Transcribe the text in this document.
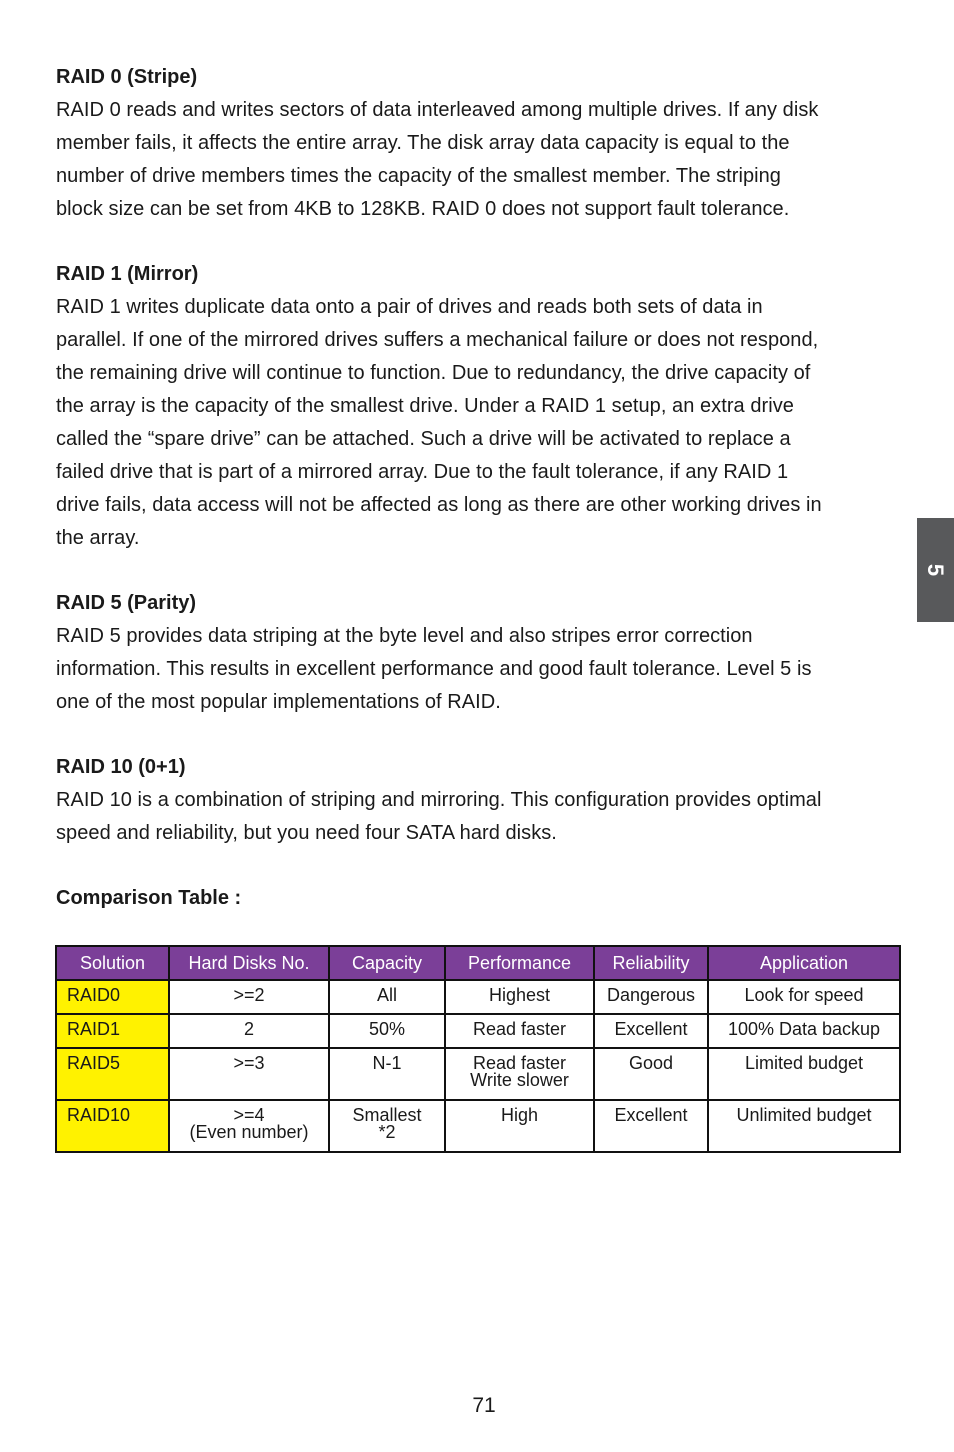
RAID 0 (Stripe)

RAID 0 reads and writes sectors of data interleaved among multiple drives. If any disk
member fails, it affects the entire array. The disk array data capacity is equal to the
number of drive members times the capacity of the smallest member. The striping
block size can be set from 4KB to 128KB. RAID 0 does not support fault tolerance.

RAID 1 (Mirror)

RAID 1 writes duplicate data onto a pair of drives and reads both sets of data in
parallel. If one of the mirrored drives suffers a mechanical failure or does not respond,
the remaining drive will continue to function. Due to redundancy, the drive capacity of
the array is the capacity of the smallest drive. Under a RAID 1 setup, an extra drive
called the “spare drive” can be attached. Such a drive will be activated to replace a
failed drive that is part of a mirrored array. Due to the fault tolerance, if any RAID 1
drive fails, data access will not be affected as long as there are other working drives in
the array.

RAID 5 (Parity)

RAID 5 provides data striping at the byte level and also stripes error correction
information. This results in excellent performance and good fault tolerance. Level 5 is
one of the most popular implementations of RAID.

RAID 10 (0+1)

RAID 10 is a combination of striping and mirroring. This configuration provides optimal
speed and reliability, but you need four SATA hard disks.

Comparison Table :

Solution	Hard Disks No.	Capacity	Performance	Reliability	Application
RAID0	>=2	All	Highest	Dangerous	Look for speed
RAID1	2	50%	Read faster	Excellent	100% Data backup
RAID5	>=3	N-1	Read faster
Write slower	Good	Limited budget
RAID10	>=4
(Even number)	Smallest
*2	High	Excellent	Unlimited budget
5
71
